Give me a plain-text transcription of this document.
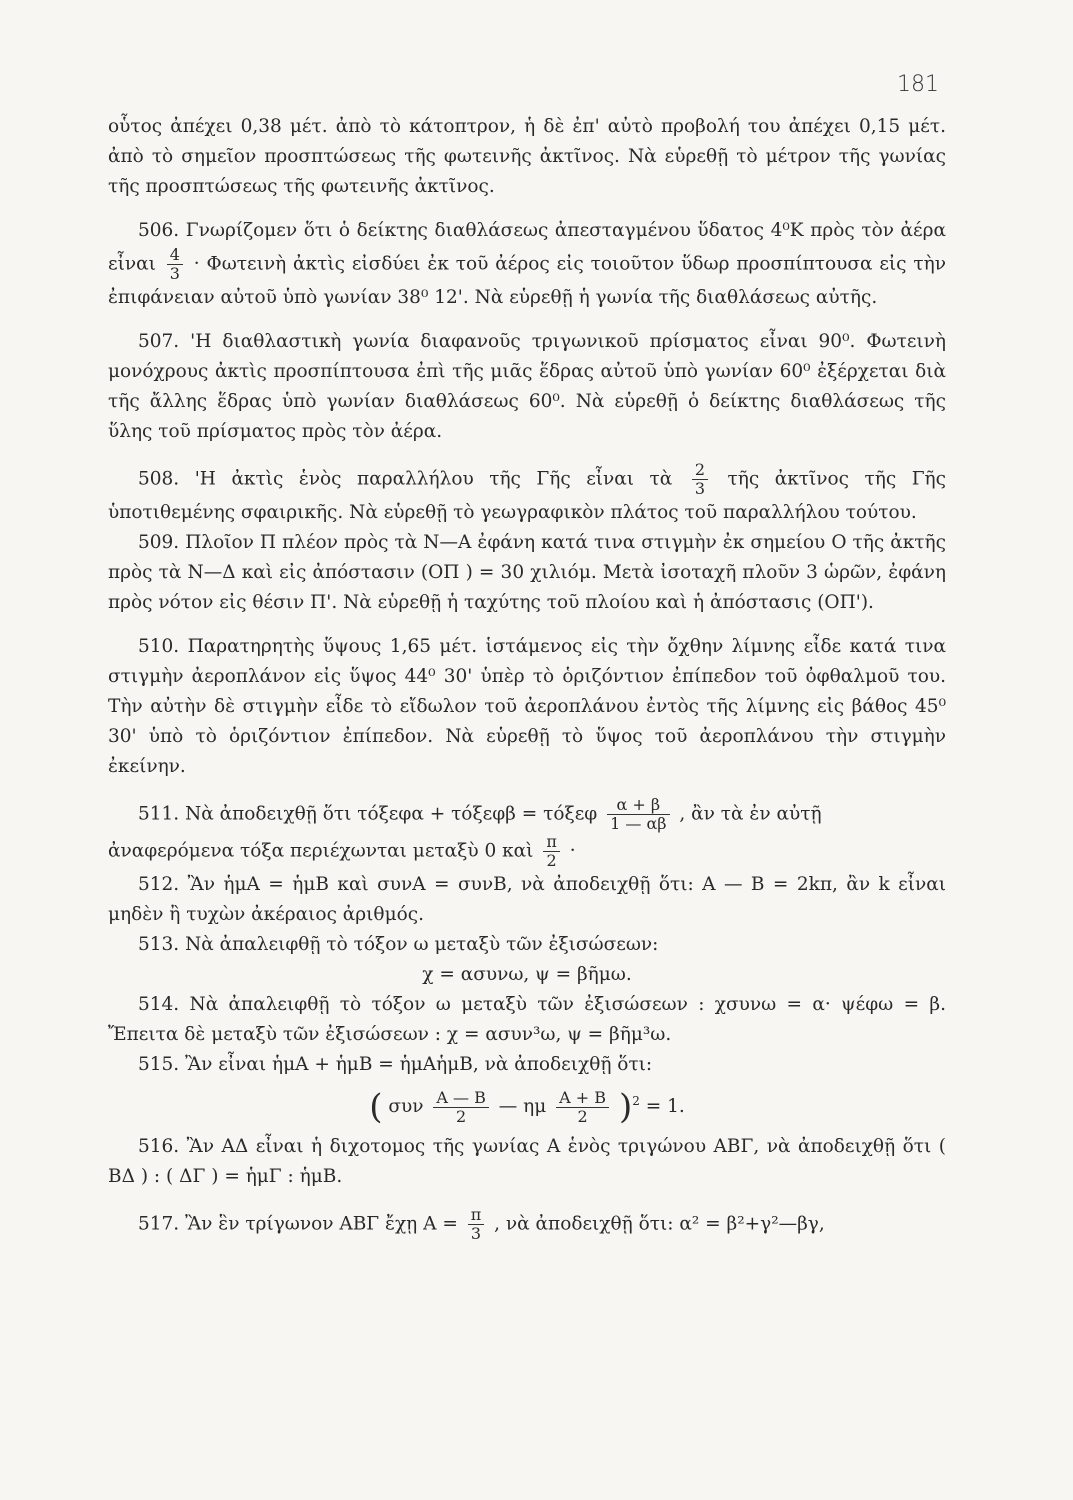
181

οὗτος ἀπέχει 0,38 μέτ. ἀπὸ τὸ κάτοπτρον, ἡ δὲ ἐπ' αὐτὸ προβολή του ἀπέχει 0,15 μέτ. ἀπὸ τὸ σημεῖον προσπτώσεως τῆς φωτεινῆς ἀκτῖνος. Νὰ εὑρεθῇ τὸ μέτρον τῆς γωνίας τῆς προσπτώσεως τῆς φωτεινῆς ἀκτῖνος.

506. Γνωρίζομεν ὅτι ὁ δείκτης διαθλάσεως ἀπεσταγμένου ὕδατος 4⁰Κ πρὸς τὸν ἀέρα εἶναι $\frac{4}{3}$ · Φωτεινὴ ἀκτὶς εἰσδύει ἐκ τοῦ ἀέρος εἰς τοιοῦτον ὕδωρ προσπίπτουσα εἰς τὴν ἐπιφάνειαν αὐτοῦ ὑπὸ γωνίαν 38⁰ 12'. Νὰ εὑρεθῇ ἡ γωνία τῆς διαθλάσεως αὐτῆς.

507. 'Η διαθλαστικὴ γωνία διαφανοῦς τριγωνικοῦ πρίσματος εἶναι 90⁰. Φωτεινὴ μονόχρους ἀκτὶς προσπίπτουσα ἐπὶ τῆς μιᾶς ἕδρας αὐτοῦ ὑπὸ γωνίαν 60⁰ ἐξέρχεται διὰ τῆς ἄλλης ἕδρας ὑπὸ γωνίαν διαθλάσεως 60⁰. Νὰ εὑρεθῇ ὁ δείκτης διαθλάσεως τῆς ὕλης τοῦ πρίσματος πρὸς τὸν ἀέρα.

508. 'Η ἀκτὶς ἑνὸς παραλλήλου τῆς Γῆς εἶναι τὰ $\frac{2}{3}$ τῆς ἀκτῖνος τῆς Γῆς ὑποτιθεμένης σφαιρικῆς. Νὰ εὑρεθῇ τὸ γεωγραφικὸν πλάτος τοῦ παραλλήλου τούτου.

509. Πλοῖον Π πλέον πρὸς τὰ Ν—Α ἐφάνη κατά τινα στιγμὴν ἐκ σημείου Ο τῆς ἀκτῆς πρὸς τὰ Ν—Δ καὶ εἰς ἀπόστασιν (ΟΠ ) = 30 χιλιόμ. Μετὰ ἰσοταχῆ πλοῦν 3 ὡρῶν, ἐφάνη πρὸς νότον εἰς θέσιν Π'. Νὰ εὑρεθῇ ἡ ταχύτης τοῦ πλοίου καὶ ἡ ἀπόστασις (ΟΠ').

510. Παρατηρητὴς ὕψους 1,65 μέτ. ἱστάμενος εἰς τὴν ὄχθην λίμνης εἶδε κατά τινα στιγμὴν ἀεροπλάνον εἰς ὕψος 44⁰ 30' ὑπὲρ τὸ ὁριζόντιον ἐπίπεδον τοῦ ὀφθαλμοῦ του. Τὴν αὐτὴν δὲ στιγμὴν εἶδε τὸ εἴδωλον τοῦ ἀεροπλάνου ἐντὸς τῆς λίμνης εἰς βάθος 45⁰ 30' ὑπὸ τὸ ὁριζόντιον ἐπίπεδον. Νὰ εὑρεθῇ τὸ ὕψος τοῦ ἀεροπλάνου τὴν στιγμὴν ἐκείνην.

511. Νὰ ἀποδειχθῇ ὅτι τόξεφα + τόξεφβ = τόξεφ $\frac{\alpha + \beta}{1 — \alpha\beta}$ , ἂν τὰ ἐν αὐτῇ

ἀναφερόμενα τόξα περιέχωνται μεταξὺ 0 καὶ $\frac{\pi}{2}$ ·

512. Ἂν ἡμΑ = ἡμΒ καὶ συνΑ = συνΒ, νὰ ἀποδειχθῇ ὅτι: Α — Β = 2kπ, ἂν k εἶναι μηδὲν ἢ τυχὼν ἀκέραιος ἀριθμός.

513. Νὰ ἀπαλειφθῇ τὸ τόξον ω μεταξὺ τῶν ἐξισώσεων:

χ = ασυνω, ψ = βῆμω.

514. Νὰ ἀπαλειφθῇ τὸ τόξον ω μεταξὺ τῶν ἐξισώσεων : χσυνω = α· ψέφω = β. Ἔπειτα δὲ μεταξὺ τῶν ἐξισώσεων : χ = ασυν³ω, ψ = βῆμ³ω.

515. Ἂν εἶναι ἡμΑ + ἡμΒ = ἡμΑἡμΒ, νὰ ἀποδειχθῇ ὅτι:

( συν $\frac{A — B}{2}$ — ημ $\frac{A + B}{2} )^2 = 1$.

516. Ἂν ΑΔ εἶναι ἡ διχοτομος τῆς γωνίας Α ἑνὸς τριγώνου ΑΒΓ, νὰ ἀποδειχθῇ ὅτι ( ΒΔ ) : ( ΔΓ ) = ἡμΓ : ἡμΒ.

517. Ἂν ἓν τρίγωνον ΑΒΓ ἔχῃ $A = \frac{\pi}{3}$ , νὰ ἀποδειχθῇ ὅτι: α² = β²+γ²—βγ,
